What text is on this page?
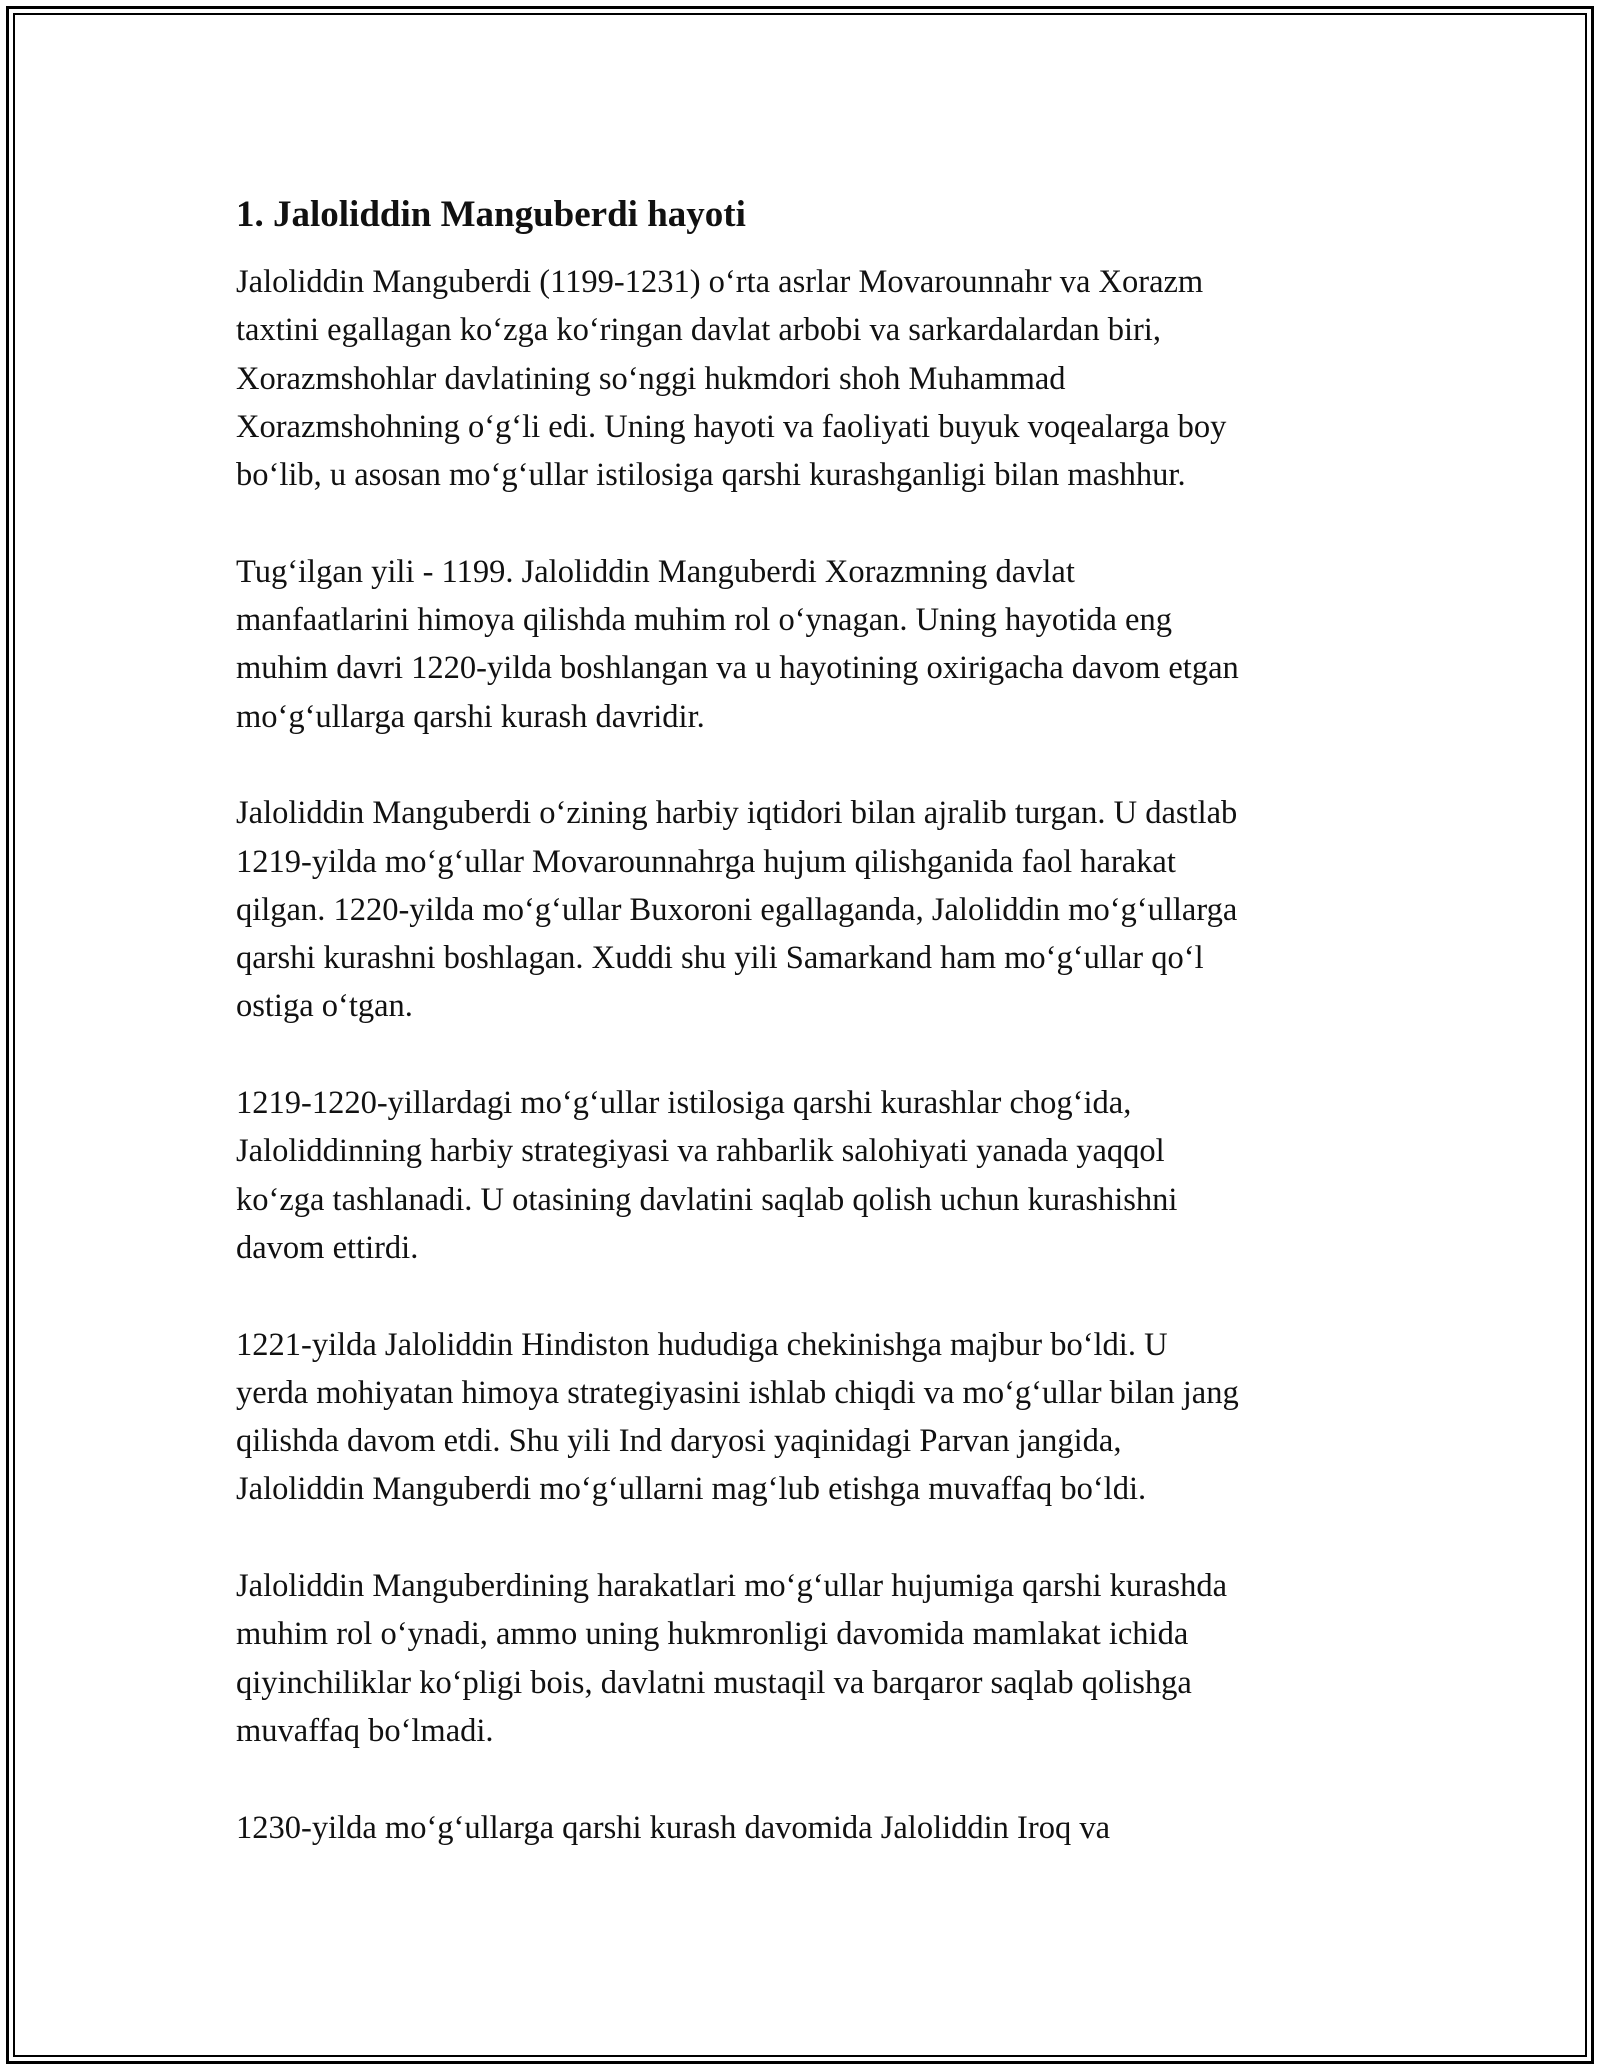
1. Jaloliddin Manguberdi hayoti

Jaloliddin Manguberdi (1199-1231) o‘rta asrlar Movarounnahr va Xorazm
taxtini egallagan ko‘zga ko‘ringan davlat arbobi va sarkardalardan biri,
Xorazmshohlar davlatining so‘nggi hukmdori shoh Muhammad
Xorazmshohning o‘g‘li edi. Uning hayoti va faoliyati buyuk voqealarga boy
bo‘lib, u asosan mo‘g‘ullar istilosiga qarshi kurashganligi bilan mashhur.

Tug‘ilgan yili - 1199. Jaloliddin Manguberdi Xorazmning davlat
manfaatlarini himoya qilishda muhim rol o‘ynagan. Uning hayotida eng
muhim davri 1220-yilda boshlangan va u hayotining oxirigacha davom etgan
mo‘g‘ullarga qarshi kurash davridir.

Jaloliddin Manguberdi o‘zining harbiy iqtidori bilan ajralib turgan. U dastlab
1219-yilda mo‘g‘ullar Movarounnahrga hujum qilishganida faol harakat
qilgan. 1220-yilda mo‘g‘ullar Buxoroni egallaganda, Jaloliddin mo‘g‘ullarga
qarshi kurashni boshlagan. Xuddi shu yili Samarkand ham mo‘g‘ullar qo‘l
ostiga o‘tgan.

1219-1220-yillardagi mo‘g‘ullar istilosiga qarshi kurashlar chog‘ida,
Jaloliddinning harbiy strategiyasi va rahbarlik salohiyati yanada yaqqol
ko‘zga tashlanadi. U otasining davlatini saqlab qolish uchun kurashishni
davom ettirdi.

1221-yilda Jaloliddin Hindiston hududiga chekinishga majbur bo‘ldi. U
yerda mohiyatan himoya strategiyasini ishlab chiqdi va mo‘g‘ullar bilan jang
qilishda davom etdi. Shu yili Ind daryosi yaqinidagi Parvan jangida,
Jaloliddin Manguberdi mo‘g‘ullarni mag‘lub etishga muvaffaq bo‘ldi.

Jaloliddin Manguberdining harakatlari mo‘g‘ullar hujumiga qarshi kurashda
muhim rol o‘ynadi, ammo uning hukmronligi davomida mamlakat ichida
qiyinchiliklar ko‘pligi bois, davlatni mustaqil va barqaror saqlab qolishga
muvaffaq bo‘lmadi.

1230-yilda mo‘g‘ullarga qarshi kurash davomida Jaloliddin Iroq va
